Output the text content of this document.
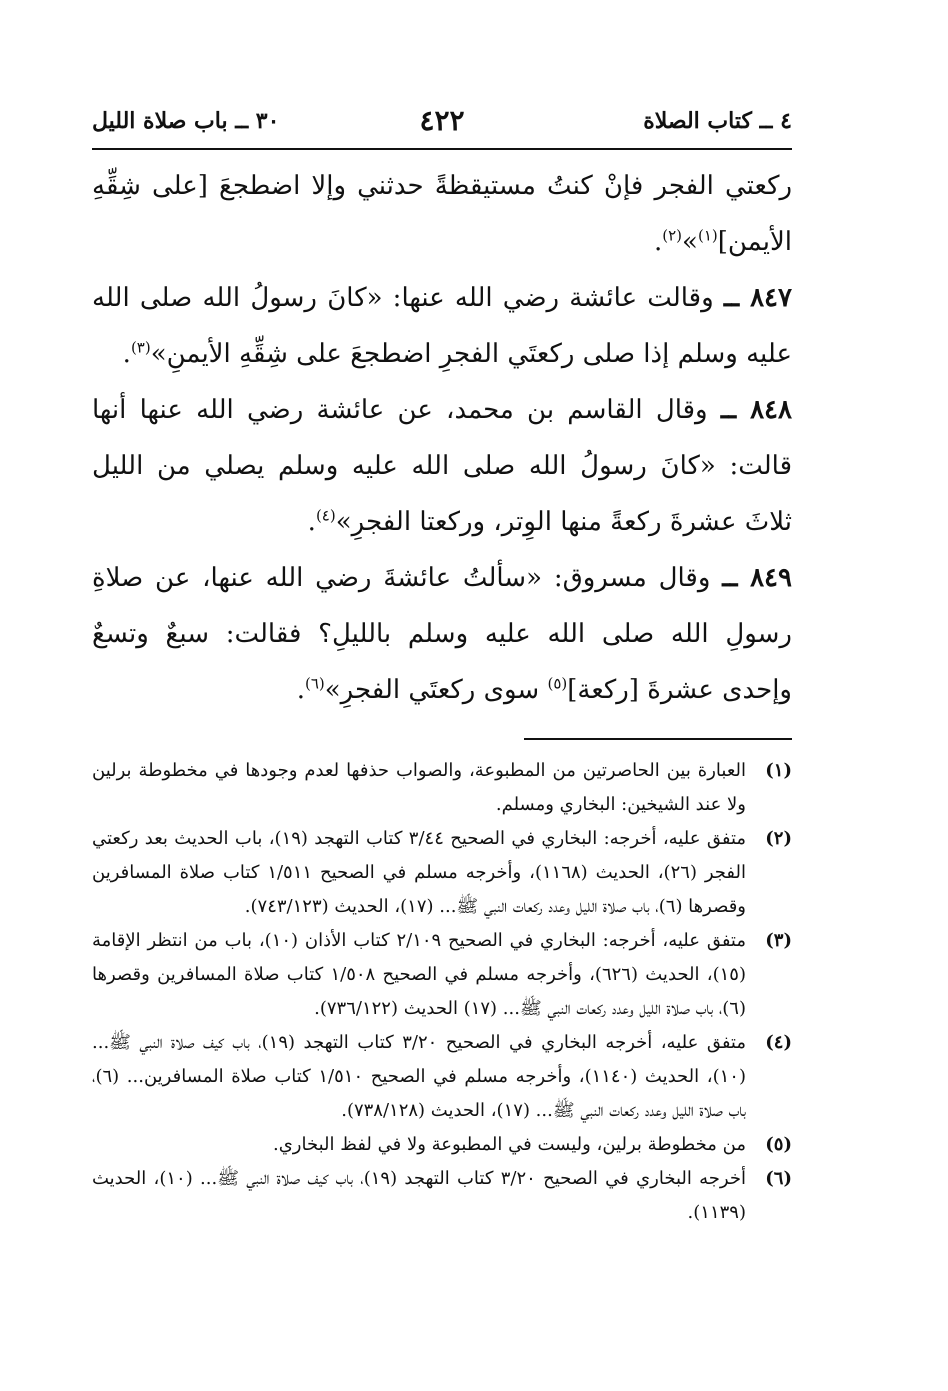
٤ ــ كتاب الصلاة
٤٢٢
٣٠ ــ باب صلاة الليل

ركعتي الفجر فإنْ كنتُ مستيقظةً حدثني وإلا اضطجعَ [على شِقِّهِ الأيمن]$^{(١)}$»$^{(٢)}$.

٨٤٧ ــ وقالت عائشة رضي الله عنها: «كانَ رسولُ الله صلى الله عليه وسلم إذا صلى ركعتَي الفجرِ اضطجعَ على شِقِّهِ الأيمنِ»$^{(٣)}$.

٨٤٨ ــ وقال القاسم بن محمد، عن عائشة رضي الله عنها أنها قالت: «كانَ رسولُ الله صلى الله عليه وسلم يصلي من الليل ثلاثَ عشرةَ ركعةً منها الوِتر، وركعتا الفجرِ»$^{(٤)}$.

٨٤٩ ــ وقال مسروق: «سألتُ عائشةَ رضي الله عنها، عن صلاةِ رسولِ الله صلى الله عليه وسلم بالليلِ؟ فقالت: سبعٌ وتسعٌ وإحدى عشرةَ [ركعة]$^{(٥)}$ سوى ركعتَي الفجرِ»$^{(٦)}$.

(١)
العبارة بين الحاصرتين من المطبوعة، والصواب حذفها لعدم وجودها في مخطوطة برلين ولا عند الشيخين: البخاري ومسلم.

(٢)
متفق عليه، أخرجه: البخاري في الصحيح ٣/٤٤ كتاب التهجد (١٩)، باب الحديث بعد ركعتي الفجر (٢٦)، الحديث (١١٦٨)، وأخرجه مسلم في الصحيح ١/٥١١ كتاب صلاة المسافرين وقصرها (٦)، باب صلاة الليل وعدد ركعات النبي ﷺ... (١٧)، الحديث (٧٤٣/١٢٣).

(٣)
متفق عليه، أخرجه: البخاري في الصحيح ٢/١٠٩ كتاب الأذان (١٠)، باب من انتظر الإقامة (١٥)، الحديث (٦٢٦)، وأخرجه مسلم في الصحيح ١/٥٠٨ كتاب صلاة المسافرين وقصرها (٦)، باب صلاة الليل وعدد ركعات النبي ﷺ... (١٧) الحديث (٧٣٦/١٢٢).

(٤)
متفق عليه، أخرجه البخاري في الصحيح ٣/٢٠ كتاب التهجد (١٩)، باب كيف صلاة النبي ﷺ... (١٠)، الحديث (١١٤٠)، وأخرجه مسلم في الصحيح ١/٥١٠ كتاب صلاة المسافرين... (٦)، باب صلاة الليل وعدد ركعات النبي ﷺ... (١٧)، الحديث (٧٣٨/١٢٨).

(٥)
من مخطوطة برلين، وليست في المطبوعة ولا في لفظ البخاري.

(٦)
أخرجه البخاري في الصحيح ٣/٢٠ كتاب التهجد (١٩)، باب كيف صلاة النبي ﷺ... (١٠)، الحديث (١١٣٩).
